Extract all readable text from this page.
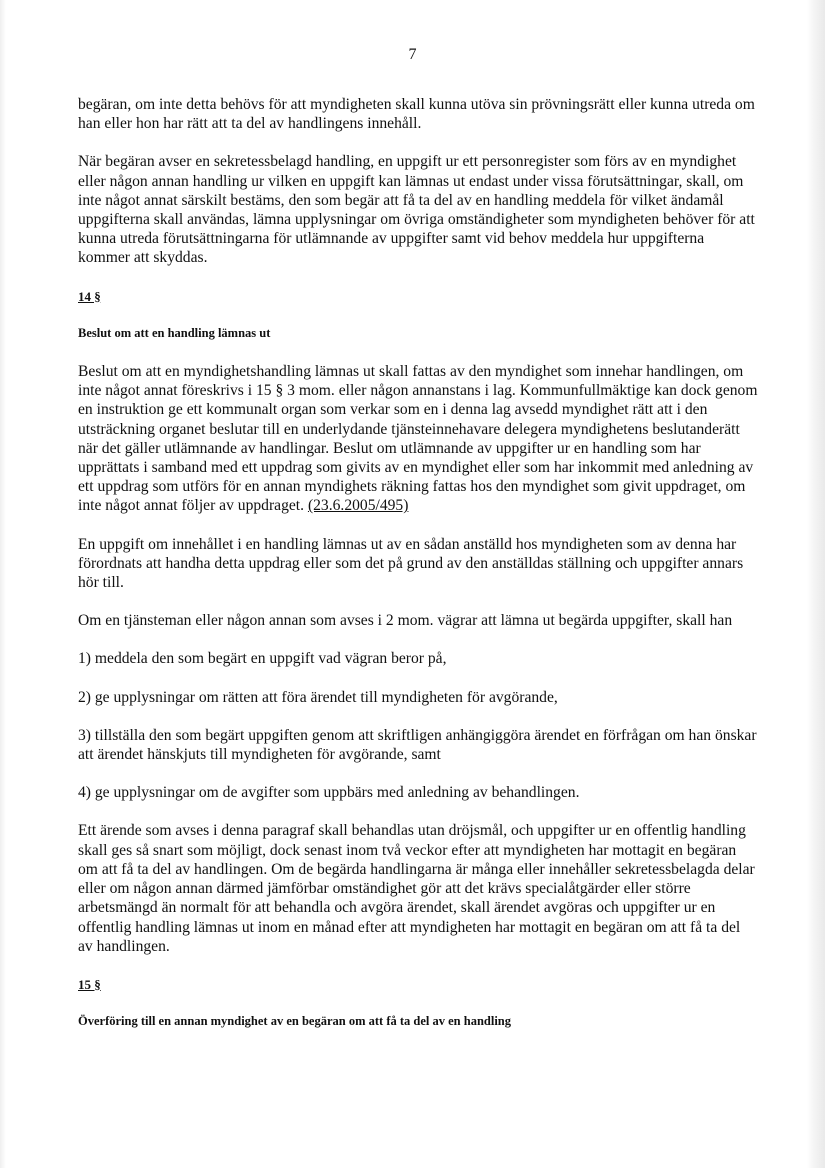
7

begäran, om inte detta behövs för att myndigheten skall kunna utöva sin prövningsrätt eller kunna utreda om han eller hon har rätt att ta del av handlingens innehåll.

När begäran avser en sekretessbelagd handling, en uppgift ur ett personregister som förs av en myndighet eller någon annan handling ur vilken en uppgift kan lämnas ut endast under vissa förutsättningar, skall, om inte något annat särskilt bestäms, den som begär att få ta del av en handling meddela för vilket ändamål uppgifterna skall användas, lämna upplysningar om övriga omständigheter som myndigheten behöver för att kunna utreda förutsättningarna för utlämnande av uppgifter samt vid behov meddela hur uppgifterna kommer att skyddas.

14 §

Beslut om att en handling lämnas ut

Beslut om att en myndighetshandling lämnas ut skall fattas av den myndighet som innehar handlingen, om inte något annat föreskrivs i 15 § 3 mom. eller någon annanstans i lag. Kommunfullmäktige kan dock genom en instruktion ge ett kommunalt organ som verkar som en i denna lag avsedd myndighet rätt att i den utsträckning organet beslutar till en underlydande tjänsteinnehavare delegera myndighetens beslutanderätt när det gäller utlämnande av handlingar. Beslut om utlämnande av uppgifter ur en handling som har upprättats i samband med ett uppdrag som givits av en myndighet eller som har inkommit med anledning av ett uppdrag som utförs för en annan myndighets räkning fattas hos den myndighet som givit uppdraget, om inte något annat följer av uppdraget. (23.6.2005/495)

En uppgift om innehållet i en handling lämnas ut av en sådan anställd hos myndigheten som av denna har förordnats att handha detta uppdrag eller som det på grund av den anställdas ställning och uppgifter annars hör till.

Om en tjänsteman eller någon annan som avses i 2 mom. vägrar att lämna ut begärda uppgifter, skall han

1) meddela den som begärt en uppgift vad vägran beror på,

2) ge upplysningar om rätten att föra ärendet till myndigheten för avgörande,

3) tillställa den som begärt uppgiften genom att skriftligen anhängiggöra ärendet en förfrågan om han önskar att ärendet hänskjuts till myndigheten för avgörande, samt

4) ge upplysningar om de avgifter som uppbärs med anledning av behandlingen.

Ett ärende som avses i denna paragraf skall behandlas utan dröjsmål, och uppgifter ur en offentlig handling skall ges så snart som möjligt, dock senast inom två veckor efter att myndigheten har mottagit en begäran om att få ta del av handlingen. Om de begärda handlingarna är många eller innehåller sekretessbelagda delar eller om någon annan därmed jämförbar omständighet gör att det krävs specialåtgärder eller större arbetsmängd än normalt för att behandla och avgöra ärendet, skall ärendet avgöras och uppgifter ur en offentlig handling lämnas ut inom en månad efter att myndigheten har mottagit en begäran om att få ta del av handlingen.

15 §

Överföring till en annan myndighet av en begäran om att få ta del av en handling
